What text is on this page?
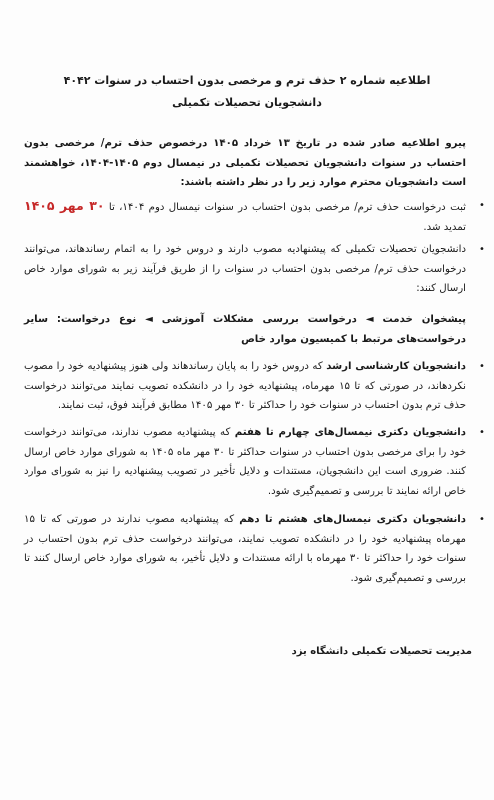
اطلاعیه شماره ۲ حذف ترم و مرخصی بدون احتساب در سنوات ۴۰۴۲
دانشجویان تحصیلات تکمیلی
پیرو اطلاعیه صادر شده در تاریخ ۱۳ خرداد ۱۴۰۵ درخصوص حذف ترم/ مرخصی بدون احتساب در سنوات دانشجویان تحصیلات تکمیلی در نیمسال دوم ۱۴۰۵-۱۴۰۴، خواهشمند است دانشجویان محترم موارد زیر را در نظر داشته باشند:
•
ثبت درخواست حذف ترم/ مرخصی بدون احتساب در سنوات نیمسال دوم ۱۴۰۴، تا ۳۰ مهر ۱۴۰۵ تمدید شد.
•
دانشجویان تحصیلات تکمیلی که پیشنهادیه مصوب دارند و دروس خود را به اتمام رساندهاند، می‌توانند درخواست حذف ترم/ مرخصی بدون احتساب در سنوات را از طریق فرآیند زیر به شورای موارد خاص ارسال کنند:
پیشخوان خدمت ◄ درخواست بررسی مشکلات آموزشی ◄ نوع درخواست: سایر درخواست‌های مرتبط با کمیسیون موارد خاص
•
دانشجویان کارشناسی ارشد که دروس خود را به پایان رساندهاند ولی هنوز پیشنهادیه خود را مصوب نکردهاند، در صورتی که تا ۱۵ مهرماه، پیشنهادیه خود را در دانشکده تصویب نمایند می‌توانند درخواست حذف ترم بدون احتساب در سنوات خود را حداکثر تا ۳۰ مهر ۱۴۰۵ مطابق فرآیند فوق، ثبت نمایند.
•
دانشجویان دکتری نیمسال‌های چهارم تا هفتم که پیشنهادیه مصوب ندارند، می‌توانند درخواست خود را برای مرخصی بدون احتساب در سنوات حداکثر تا ۳۰ مهر ماه ۱۴۰۵ به شورای موارد خاص ارسال کنند. ضروری است این دانشجویان، مستندات و دلایل تأخیر در تصویب پیشنهادیه را نیز به شورای موارد خاص ارائه نمایند تا بررسی و تصمیم‌گیری شود.
•
دانشجویان دکتری نیمسال‌های هشتم تا دهم که پیشنهادیه مصوب ندارند در صورتی که تا ۱۵ مهرماه پیشنهادیه خود را در دانشکده تصویب نمایند، می‌توانند درخواست حذف ترم بدون احتساب در سنوات خود را حداکثر تا ۳۰ مهرماه با ارائه مستندات و دلایل تأخیر، به شورای موارد خاص ارسال کنند تا بررسی و تصمیم‌گیری شود.
مدیریت تحصیلات تکمیلی دانشگاه یزد
